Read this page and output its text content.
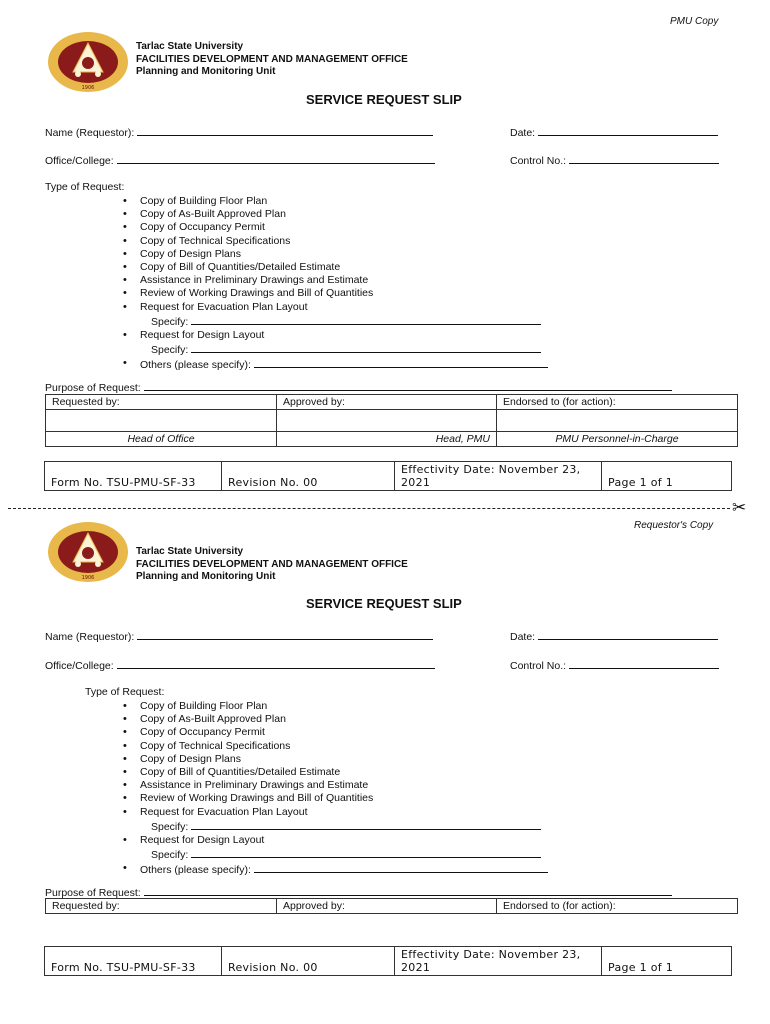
PMU Copy
1906
Tarlac State University
FACILITIES DEVELOPMENT AND MANAGEMENT OFFICE
Planning and Monitoring Unit
SERVICE REQUEST SLIP
Name (Requestor):	Date:
Office/College:	Control No.:
Type of Request:
• Copy of Building Floor Plan
• Copy of As-Built Approved Plan
• Copy of Occupancy Permit
• Copy of Technical Specifications
• Copy of Design Plans
• Copy of Bill of Quantities/Detailed Estimate
• Assistance in Preliminary Drawings and Estimate
• Review of Working Drawings and Bill of Quantities
• Request for Evacuation Plan Layout
Specify:
• Request for Design Layout
Specify:
• Others (please specify):
Purpose of Request:
Requested by:	Approved by:	Endorsed to (for action):

Head of Office	Head, PMU	PMU Personnel-in-Charge
Form No. TSU-PMU-SF-33	Revision No. 00	Effectivity Date: November 23, 2021	Page 1 of 1
✂
Requestor's Copy
1906
Tarlac State University
FACILITIES DEVELOPMENT AND MANAGEMENT OFFICE
Planning and Monitoring Unit
SERVICE REQUEST SLIP
Name (Requestor):	Date:
Office/College:	Control No.:
Type of Request:
• Copy of Building Floor Plan
• Copy of As-Built Approved Plan
• Copy of Occupancy Permit
• Copy of Technical Specifications
• Copy of Design Plans
• Copy of Bill of Quantities/Detailed Estimate
• Assistance in Preliminary Drawings and Estimate
• Review of Working Drawings and Bill of Quantities
• Request for Evacuation Plan Layout
Specify:
• Request for Design Layout
Specify:
• Others (please specify):
Purpose of Request:
Requested by:	Approved by:	Endorsed to (for action):
Form No. TSU-PMU-SF-33	Revision No. 00	Effectivity Date: November 23, 2021	Page 1 of 1
